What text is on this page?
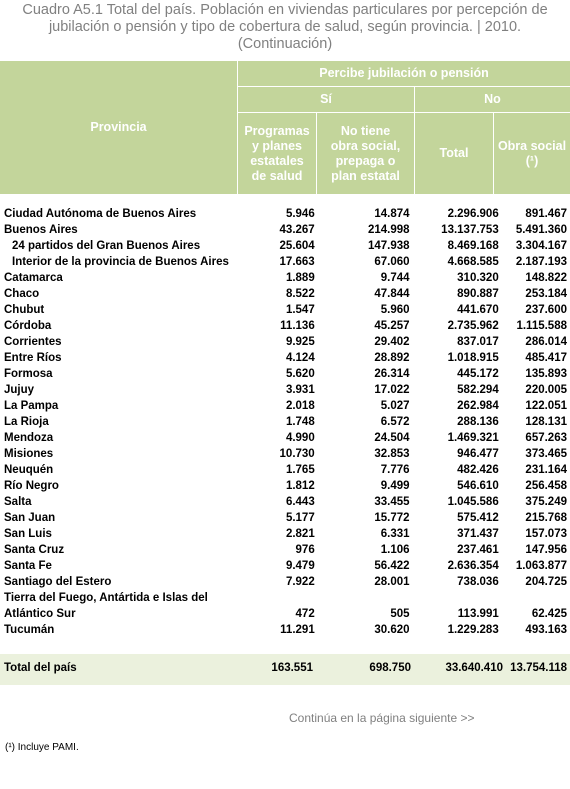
Cuadro A5.1 Total del país. Población en viviendas particulares por percepción de
jubilación o pensión y tipo de cobertura de salud, según provincia. | 2010.
(Continuación)
Provincia
Percibe jubilación o pensión
Sí	No
Programas
y planes
estatales
de salud
No tiene
obra social,
prepaga o
plan estatal
Total
Obra social
(¹)
Ciudad Autónoma de Buenos Aires	5.946	14.874	2.296.906	891.467
Buenos Aires	43.267	214.998	13.137.753	5.491.360
24 partidos del Gran Buenos Aires	25.604	147.938	8.469.168	3.304.167
Interior de la provincia de Buenos Aires	17.663	67.060	4.668.585	2.187.193
Catamarca	1.889	9.744	310.320	148.822
Chaco	8.522	47.844	890.887	253.184
Chubut	1.547	5.960	441.670	237.600
Córdoba	11.136	45.257	2.735.962	1.115.588
Corrientes	9.925	29.402	837.017	286.014
Entre Ríos	4.124	28.892	1.018.915	485.417
Formosa	5.620	26.314	445.172	135.893
Jujuy	3.931	17.022	582.294	220.005
La Pampa	2.018	5.027	262.984	122.051
La Rioja	1.748	6.572	288.136	128.131
Mendoza	4.990	24.504	1.469.321	657.263
Misiones	10.730	32.853	946.477	373.465
Neuquén	1.765	7.776	482.426	231.164
Río Negro	1.812	9.499	546.610	256.458
Salta	6.443	33.455	1.045.586	375.249
San Juan	5.177	15.772	575.412	215.768
San Luis	2.821	6.331	371.437	157.073
Santa Cruz	976	1.106	237.461	147.956
Santa Fe	9.479	56.422	2.636.354	1.063.877
Santiago del Estero	7.922	28.001	738.036	204.725
Tierra del Fuego, Antártida e Islas del				
Atlántico Sur	472	505	113.991	62.425
Tucumán	11.291	30.620	1.229.283	493.163
Total del país	163.551	698.750	33.640.410 13.754.118
Continúa en la página siguiente >>
(¹) Incluye PAMI.
